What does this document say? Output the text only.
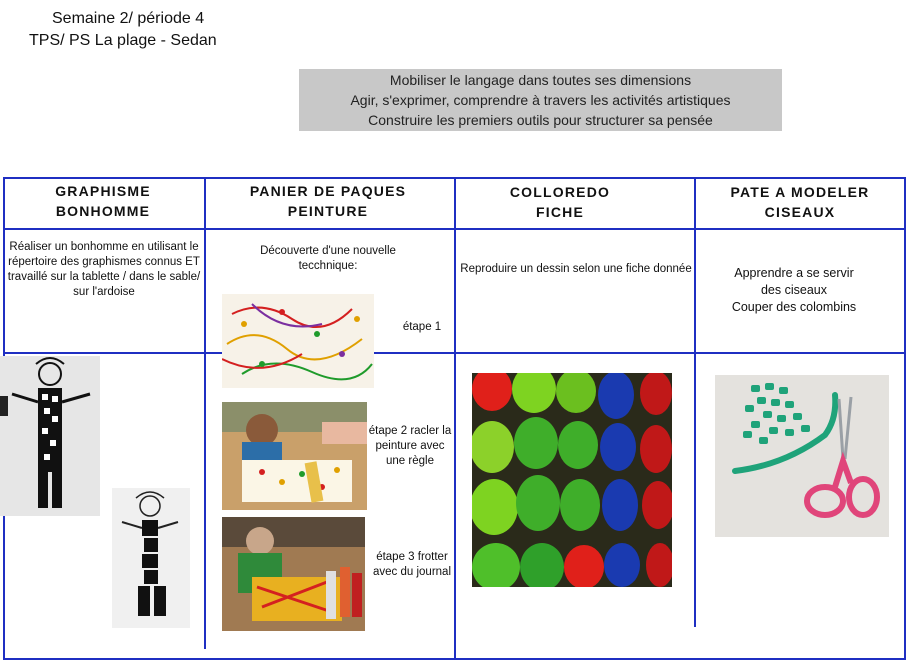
Semaine 2/ période 4
TPS/ PS La plage - Sedan
Mobiliser le langage dans toutes ses dimensions
Agir, s'exprimer, comprendre à travers les activités artistiques
Construire les premiers outils pour structurer sa pensée
GRAPHISME
BONHOMME
PANIER DE PAQUES
PEINTURE
COLLOREDO
FICHE
PATE A MODELER
CISEAUX
Réaliser un bonhomme en utilisant le répertoire des graphismes connus ET travaillé sur la tablette / dans le sable/ sur l'ardoise
Découverte d'une nouvelle tecchnique:	Reproduire un dessin selon une fiche donnée	Apprendre a se servir
des ciseaux
Couper des colombins
étape 1
étape 2 racler la peinture avec une règle
étape 3 frotter avec du journal
